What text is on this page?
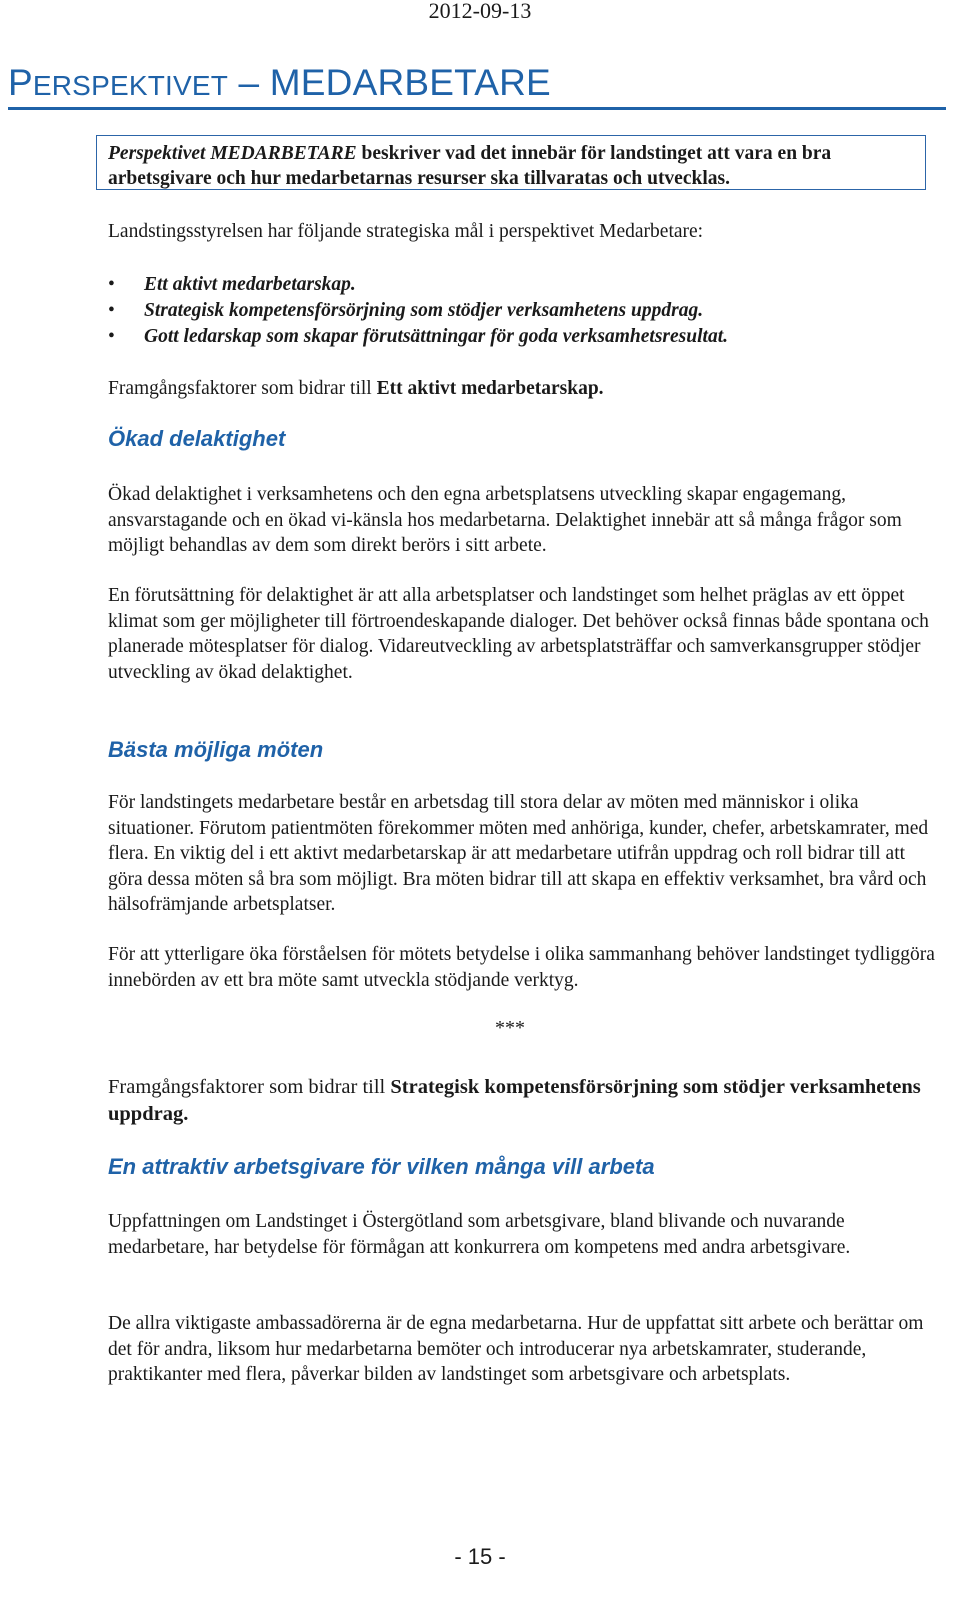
2012-09-13
PERSPEKTIVET – MEDARBETARE
Perspektivet MEDARBETARE beskriver vad det innebär för landstinget att vara en bra arbetsgivare och hur medarbetarnas resurser ska tillvaratas och utvecklas.

Landstingsstyrelsen har följande strategiska mål i perspektivet Medarbetare:

• Ett aktivt medarbetarskap.
• Strategisk kompetensförsörjning som stödjer verksamhetens uppdrag.
• Gott ledarskap som skapar förutsättningar för goda verksamhetsresultat.

Framgångsfaktorer som bidrar till Ett aktivt medarbetarskap.

Ökad delaktighet

Ökad delaktighet i verksamhetens och den egna arbetsplatsens utveckling skapar engagemang, ansvarstagande och en ökad vi-känsla hos medarbetarna. Delaktighet innebär att så många frågor som möjligt behandlas av dem som direkt berörs i sitt arbete.

En förutsättning för delaktighet är att alla arbetsplatser och landstinget som helhet präglas av ett öppet klimat som ger möjligheter till förtroendeskapande dialoger. Det behöver också finnas både spontana och planerade mötesplatser för dialog. Vidareutveckling av arbetsplatsträffar och samverkansgrupper stödjer utveckling av ökad delaktighet.

Bästa möjliga möten

För landstingets medarbetare består en arbetsdag till stora delar av möten med människor i olika situationer. Förutom patientmöten förekommer möten med anhöriga, kunder, chefer, arbetskamrater, med flera. En viktig del i ett aktivt medarbetarskap är att medarbetare utifrån uppdrag och roll bidrar till att göra dessa möten så bra som möjligt. Bra möten bidrar till att skapa en effektiv verksamhet, bra vård och hälsofrämjande arbetsplatser.

För att ytterligare öka förståelsen för mötets betydelse i olika sammanhang behöver landstinget tydliggöra innebörden av ett bra möte samt utveckla stödjande verktyg.

***

Framgångsfaktorer som bidrar till Strategisk kompetensförsörjning som stödjer verksamhetens uppdrag.

En attraktiv arbetsgivare för vilken många vill arbeta

Uppfattningen om Landstinget i Östergötland som arbetsgivare, bland blivande och nuvarande medarbetare, har betydelse för förmågan att konkurrera om kompetens med andra arbetsgivare.

De allra viktigaste ambassadörerna är de egna medarbetarna. Hur de uppfattat sitt arbete och berättar om det för andra, liksom hur medarbetarna bemöter och introducerar nya arbetskamrater, studerande, praktikanter med flera, påverkar bilden av landstinget som arbetsgivare och arbetsplats.

- 15 -
